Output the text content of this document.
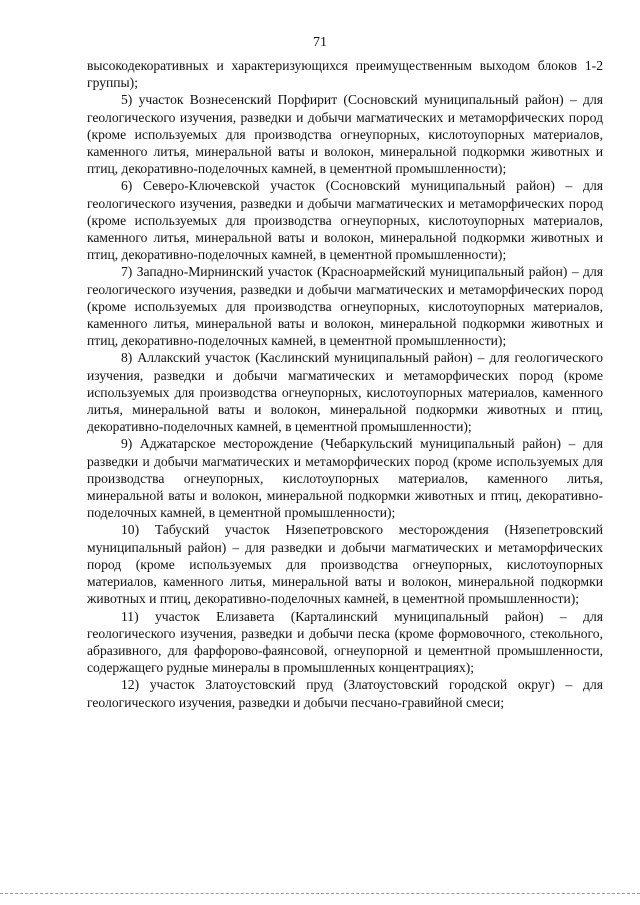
71

высокодекоративных и характеризующихся преимущественным выходом блоков 1-2 группы);

5) участок Вознесенский Порфирит (Сосновский муниципальный район) – для геологического изучения, разведки и добычи магматических и метаморфических пород (кроме используемых для производства огнеупорных, кислотоупорных материалов, каменного литья, минеральной ваты и волокон, минеральной подкормки животных и птиц, декоративно-поделочных камней, в цементной промышленности);

6) Северо-Ключевской участок (Сосновский муниципальный район) – для геологического изучения, разведки и добычи магматических и метаморфических пород (кроме используемых для производства огнеупорных, кислотоупорных материалов, каменного литья, минеральной ваты и волокон, минеральной подкормки животных и птиц, декоративно-поделочных камней, в цементной промышленности);

7) Западно-Мирнинский участок (Красноармейский муниципальный район) – для геологического изучения, разведки и добычи магматических и метаморфических пород (кроме используемых для производства огнеупорных, кислотоупорных материалов, каменного литья, минеральной ваты и волокон, минеральной подкормки животных и птиц, декоративно-поделочных камней, в цементной промышленности);

8) Аллакский участок (Каслинский муниципальный район) – для геологического изучения, разведки и добычи магматических и метаморфических пород (кроме используемых для производства огнеупорных, кислотоупорных материалов, каменного литья, минеральной ваты и волокон, минеральной подкормки животных и птиц, декоративно-поделочных камней, в цементной промышленности);

9) Аджатарское месторождение (Чебаркульский муниципальный район) – для разведки и добычи магматических и метаморфических пород (кроме используемых для производства огнеупорных, кислотоупорных материалов, каменного литья, минеральной ваты и волокон, минеральной подкормки животных и птиц, декоративно-поделочных камней, в цементной промышленности);

10) Табуский участок Нязепетровского месторождения (Нязепетровский муниципальный район) – для разведки и добычи магматических и метаморфических пород (кроме используемых для производства огнеупорных, кислотоупорных материалов, каменного литья, минеральной ваты и волокон, минеральной подкормки животных и птиц, декоративно-поделочных камней, в цементной промышленности);

11) участок Елизавета (Карталинский муниципальный район) – для геологического изучения, разведки и добычи песка (кроме формовочного, стекольного, абразивного, для фарфорово-фаянсовой, огнеупорной и цементной промышленности, содержащего рудные минералы в промышленных концентрациях);

12) участок Златоустовский пруд (Златоустовский городской округ) – для геологического изучения, разведки и добычи песчано-гравийной смеси;
